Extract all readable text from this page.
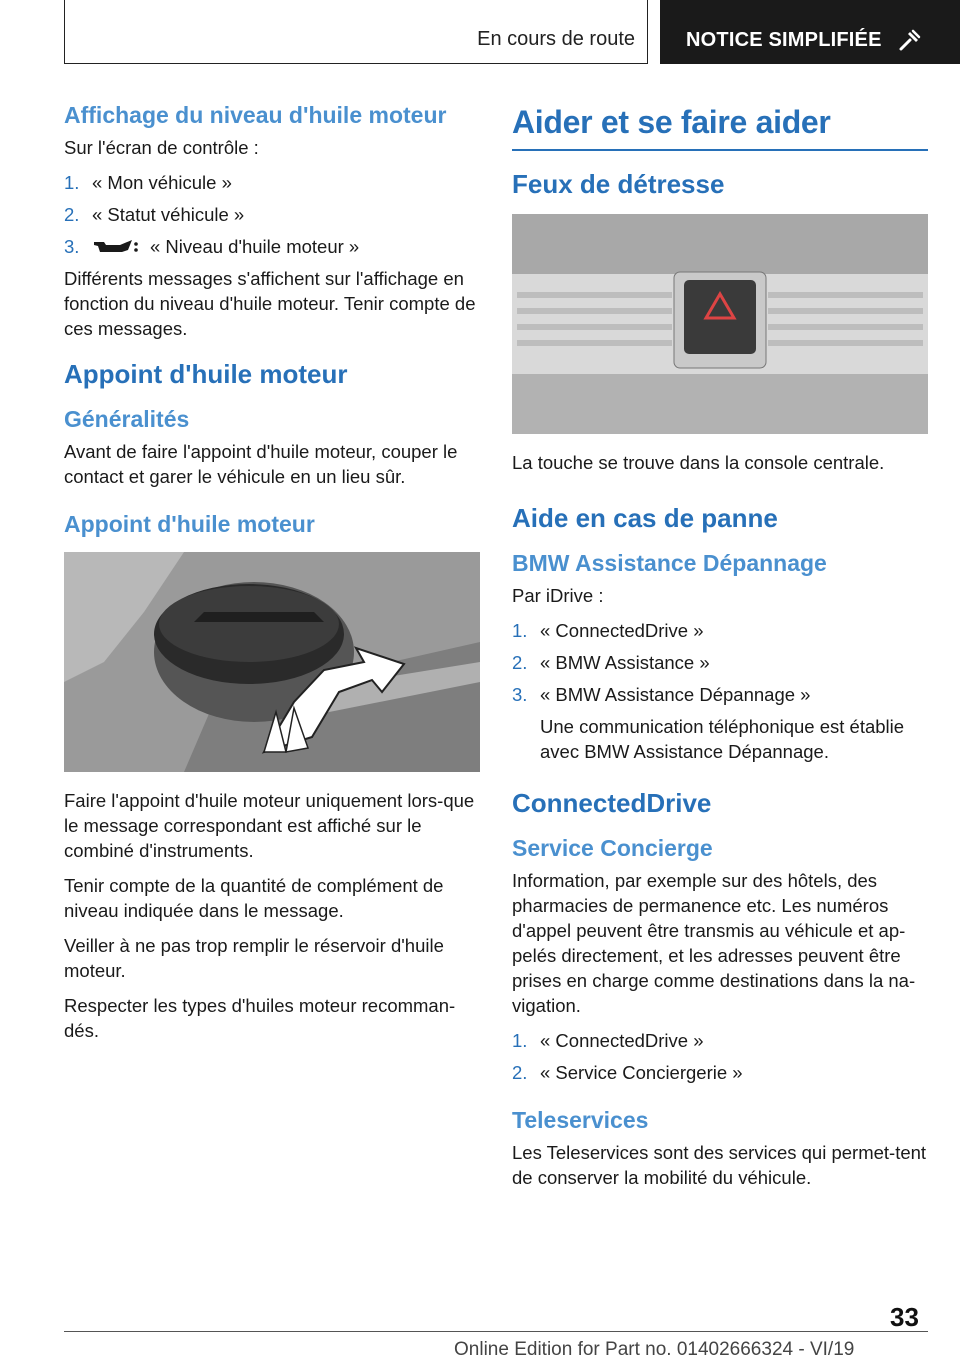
En cours de route	NOTICE SIMPLIFIÉE
Affichage du niveau d'huile moteur

Sur l'écran de contrôle :

1. « Mon véhicule »
2. « Statut véhicule »
3.	« Niveau d'huile moteur »

Différents messages s'affichent sur l'affichage en fonction du niveau d'huile moteur. Tenir compte de ces messages.

Appoint d'huile moteur
Généralités

Avant de faire l'appoint d'huile moteur, couper le contact et garer le véhicule en un lieu sûr.

Appoint d'huile moteur

Faire l'appoint d'huile moteur uniquement lors-que le message correspondant est affiché sur le combiné d'instruments.

Tenir compte de la quantité de complément de niveau indiquée dans le message.

Veiller à ne pas trop remplir le réservoir d'huile moteur.

Respecter les types d'huiles moteur recomman-dés.

Aider et se faire aider
Feux de détresse

La touche se trouve dans la console centrale.

Aide en cas de panne
BMW Assistance Dépannage

Par iDrive :

1. « ConnectedDrive »
2. « BMW Assistance »
3. « BMW Assistance Dépannage »

Une communication téléphonique est établie avec BMW Assistance Dépannage.

ConnectedDrive
Service Concierge

Information, par exemple sur des hôtels, des pharmacies de permanence etc. Les numéros d'appel peuvent être transmis au véhicule et ap-pelés directement, et les adresses peuvent être prises en charge comme destinations dans la na-vigation.

1. « ConnectedDrive »
2. « Service Conciergerie »
Teleservices

Les Teleservices sont des services qui permet-tent de conserver la mobilité du véhicule.

33
Online Edition for Part no. 01402666324 - VI/19
